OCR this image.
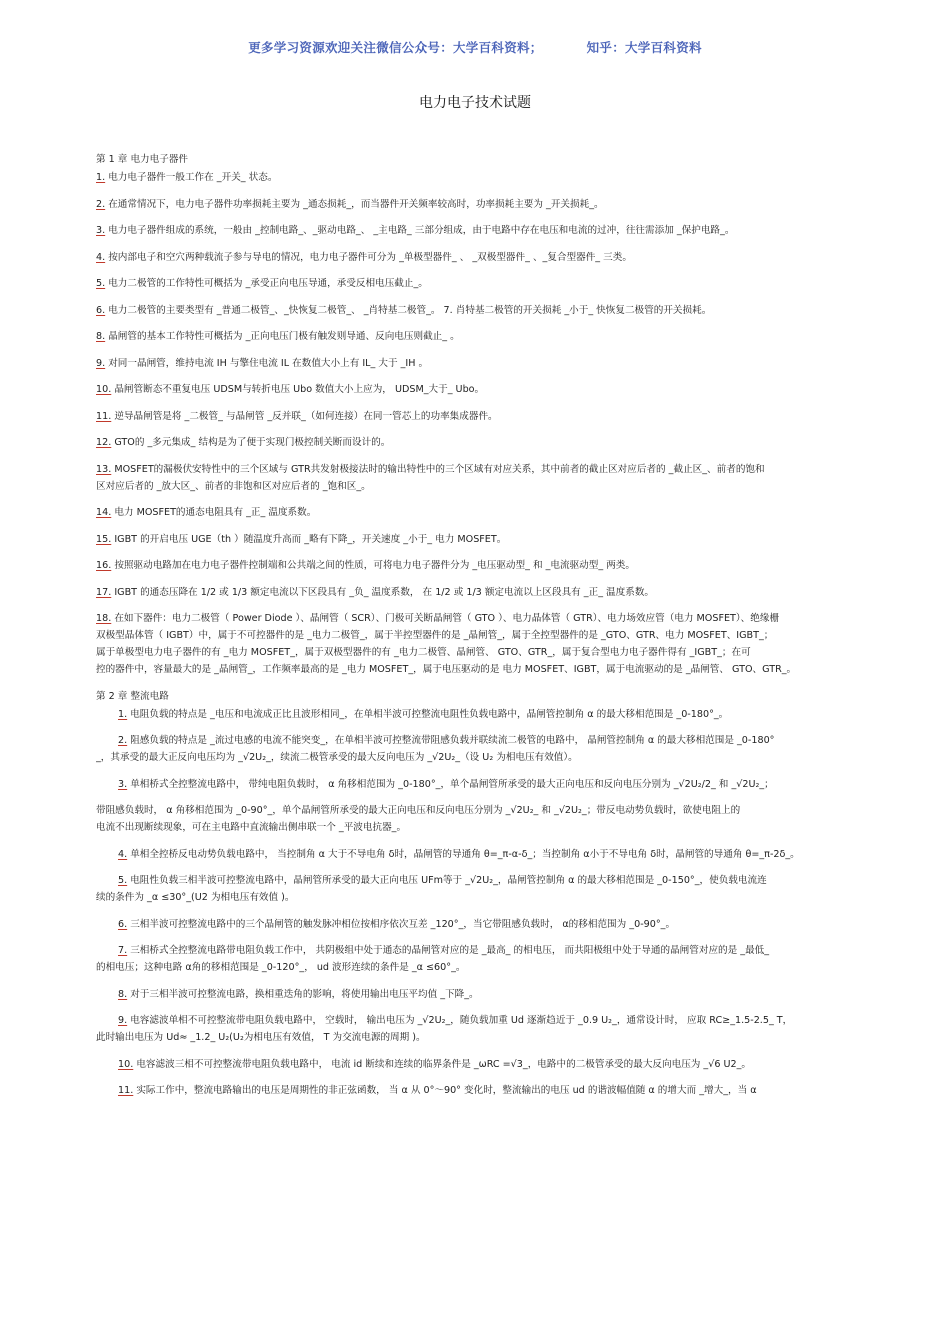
更多学习资源欢迎关注微信公众号：大学百科资料；	知乎：大学百科资料
电力电子技术试题
第 1 章 电力电子器件
1. 电力电子器件一般工作在 _开关_ 状态。
2. 在通常情况下，电力电子器件功率损耗主要为 _通态损耗_，而当器件开关频率较高时，功率损耗主要为 _开关损耗_。
3. 电力电子器件组成的系统，一般由 _控制电路_、_驱动电路_、 _主电路_ 三部分组成，由于电路中存在电压和电流的过冲，往往需添加 _保护电路_。
4. 按内部电子和空穴两种载流子参与导电的情况，电力电子器件可分为 _单极型器件_ 、 _双极型器件_ 、_复合型器件_ 三类。
5. 电力二极管的工作特性可概括为 _承受正向电压导通，承受反相电压截止_。
6. 电力二极管的主要类型有 _普通二极管_、_快恢复二极管_、 _肖特基二极管_。 7. 肖特基二极管的开关损耗 _小于_ 快恢复二极管的开关损耗。
8. 晶闸管的基本工作特性可概括为 _正向电压门极有触发则导通、反向电压则截止_ 。
9. 对同一晶闸管，维持电流 IH 与擎住电流 IL 在数值大小上有 IL_ 大于 _IH 。
10. 晶闸管断态不重复电压 UDSM与转折电压 Ubo 数值大小上应为， UDSM_大于_ Ubo。
11. 逆导晶闸管是将 _二极管_ 与晶闸管 _反并联_（如何连接）在同一管芯上的功率集成器件。
12. GTO的 _多元集成_ 结构是为了便于实现门极控制关断而设计的。
13. MOSFET的漏极伏安特性中的三个区域与 GTR共发射极接法时的输出特性中的三个区域有对应关系，其中前者的截止区对应后者的 _截止区_、前者的饱和
区对应后者的 _放大区_、前者的非饱和区对应后者的 _饱和区_。
14. 电力 MOSFET的通态电阻具有 _正_ 温度系数。
15. IGBT 的开启电压 UGE（th ）随温度升高而 _略有下降_，开关速度 _小于_ 电力 MOSFET。
16. 按照驱动电路加在电力电子器件控制端和公共端之间的性质，可将电力电子器件分为 _电压驱动型_ 和 _电流驱动型_ 两类。
17. IGBT 的通态压降在 1/2 或 1/3 额定电流以下区段具有 _负_ 温度系数， 在 1/2 或 1/3 额定电流以上区段具有 _正_ 温度系数。
18. 在如下器件：电力二极管（ Power Diode ）、晶闸管（ SCR）、门极可关断晶闸管（ GTO ）、电力晶体管（ GTR）、电力场效应管（电力 MOSFET）、绝缘栅
双极型晶体管（ IGBT）中，属于不可控器件的是 _电力二极管_，属于半控型器件的是 _晶闸管_，属于全控型器件的是 _GTO、GTR、电力 MOSFET、IGBT_；
属于单极型电力电子器件的有 _电力 MOSFET_，属于双极型器件的有 _电力二极管、晶闸管、 GTO、GTR_，属于复合型电力电子器件得有 _IGBT_；在可
控的器件中，容量最大的是 _晶闸管_，工作频率最高的是 _电力 MOSFET_，属于电压驱动的是 电力 MOSFET、IGBT，属于电流驱动的是 _晶闸管、 GTO、GTR_。
第 2 章 整流电路
1. 电阻负载的特点是 _电压和电流成正比且波形相同_，在单相半波可控整流电阻性负载电路中，晶闸管控制角 α 的最大移相范围是 _0-180°_。
2. 阻感负载的特点是 _流过电感的电流不能突变_，在单相半波可控整流带阻感负载并联续流二极管的电路中， 晶闸管控制角 α 的最大移相范围是 _0-180°
_，其承受的最大正反向电压均为 _√2U₂_，续流二极管承受的最大反向电压为 _√2U₂_（设 U₂ 为相电压有效值）。
3. 单相桥式全控整流电路中， 带纯电阻负载时， α 角移相范围为 _0-180°_，单个晶闸管所承受的最大正向电压和反向电压分别为 _√2U₂/2_ 和 _√2U₂_；
带阻感负载时， α 角移相范围为 _0-90°_，单个晶闸管所承受的最大正向电压和反向电压分别为 _√2U₂_ 和 _√2U₂_；带反电动势负载时，欲使电阻上的
电流不出现断续现象，可在主电路中直流输出侧串联一个 _平波电抗器_。
4. 单相全控桥反电动势负载电路中， 当控制角 α 大于不导电角 δ时，晶闸管的导通角 θ=_π-α-δ_；当控制角 α小于不导电角 δ时，晶闸管的导通角 θ=_π-2δ_。
5. 电阻性负载三相半波可控整流电路中，晶闸管所承受的最大正向电压 UFm等于 _√2U₂_，晶闸管控制角 α 的最大移相范围是 _0-150°_，使负载电流连
续的条件为 _α ≤30°_(U2 为相电压有效值 )。
6. 三相半波可控整流电路中的三个晶闸管的触发脉冲相位按相序依次互差 _120°_，当它带阻感负载时， α的移相范围为 _0-90°_。
7. 三相桥式全控整流电路带电阻负载工作中， 共阴极组中处于通态的晶闸管对应的是 _最高_ 的相电压， 而共阳极组中处于导通的晶闸管对应的是 _最低_
的相电压；这种电路 α角的移相范围是 _0-120°_， ud 波形连续的条件是 _α ≤60°_。
8. 对于三相半波可控整流电路，换相重迭角的影响，将使用输出电压平均值 _下降_。
9. 电容滤波单相不可控整流带电阻负载电路中， 空载时， 输出电压为 _√2U₂_，随负载加重 Ud 逐渐趋近于 _0.9 U₂_，通常设计时， 应取 RC≥_1.5-2.5_ T，
此时输出电压为 Ud≈ _1.2_ U₂(U₂为相电压有效值， T 为交流电源的周期 )。
10. 电容滤波三相不可控整流带电阻负载电路中， 电流 id 断续和连续的临界条件是 _ωRC =√3_，电路中的二极管承受的最大反向电压为 _√6 U2_。
11. 实际工作中，整流电路输出的电压是周期性的非正弦函数， 当 α 从 0°～90° 变化时，整流输出的电压 ud 的谐波幅值随 α 的增大而 _增大_，当 α
